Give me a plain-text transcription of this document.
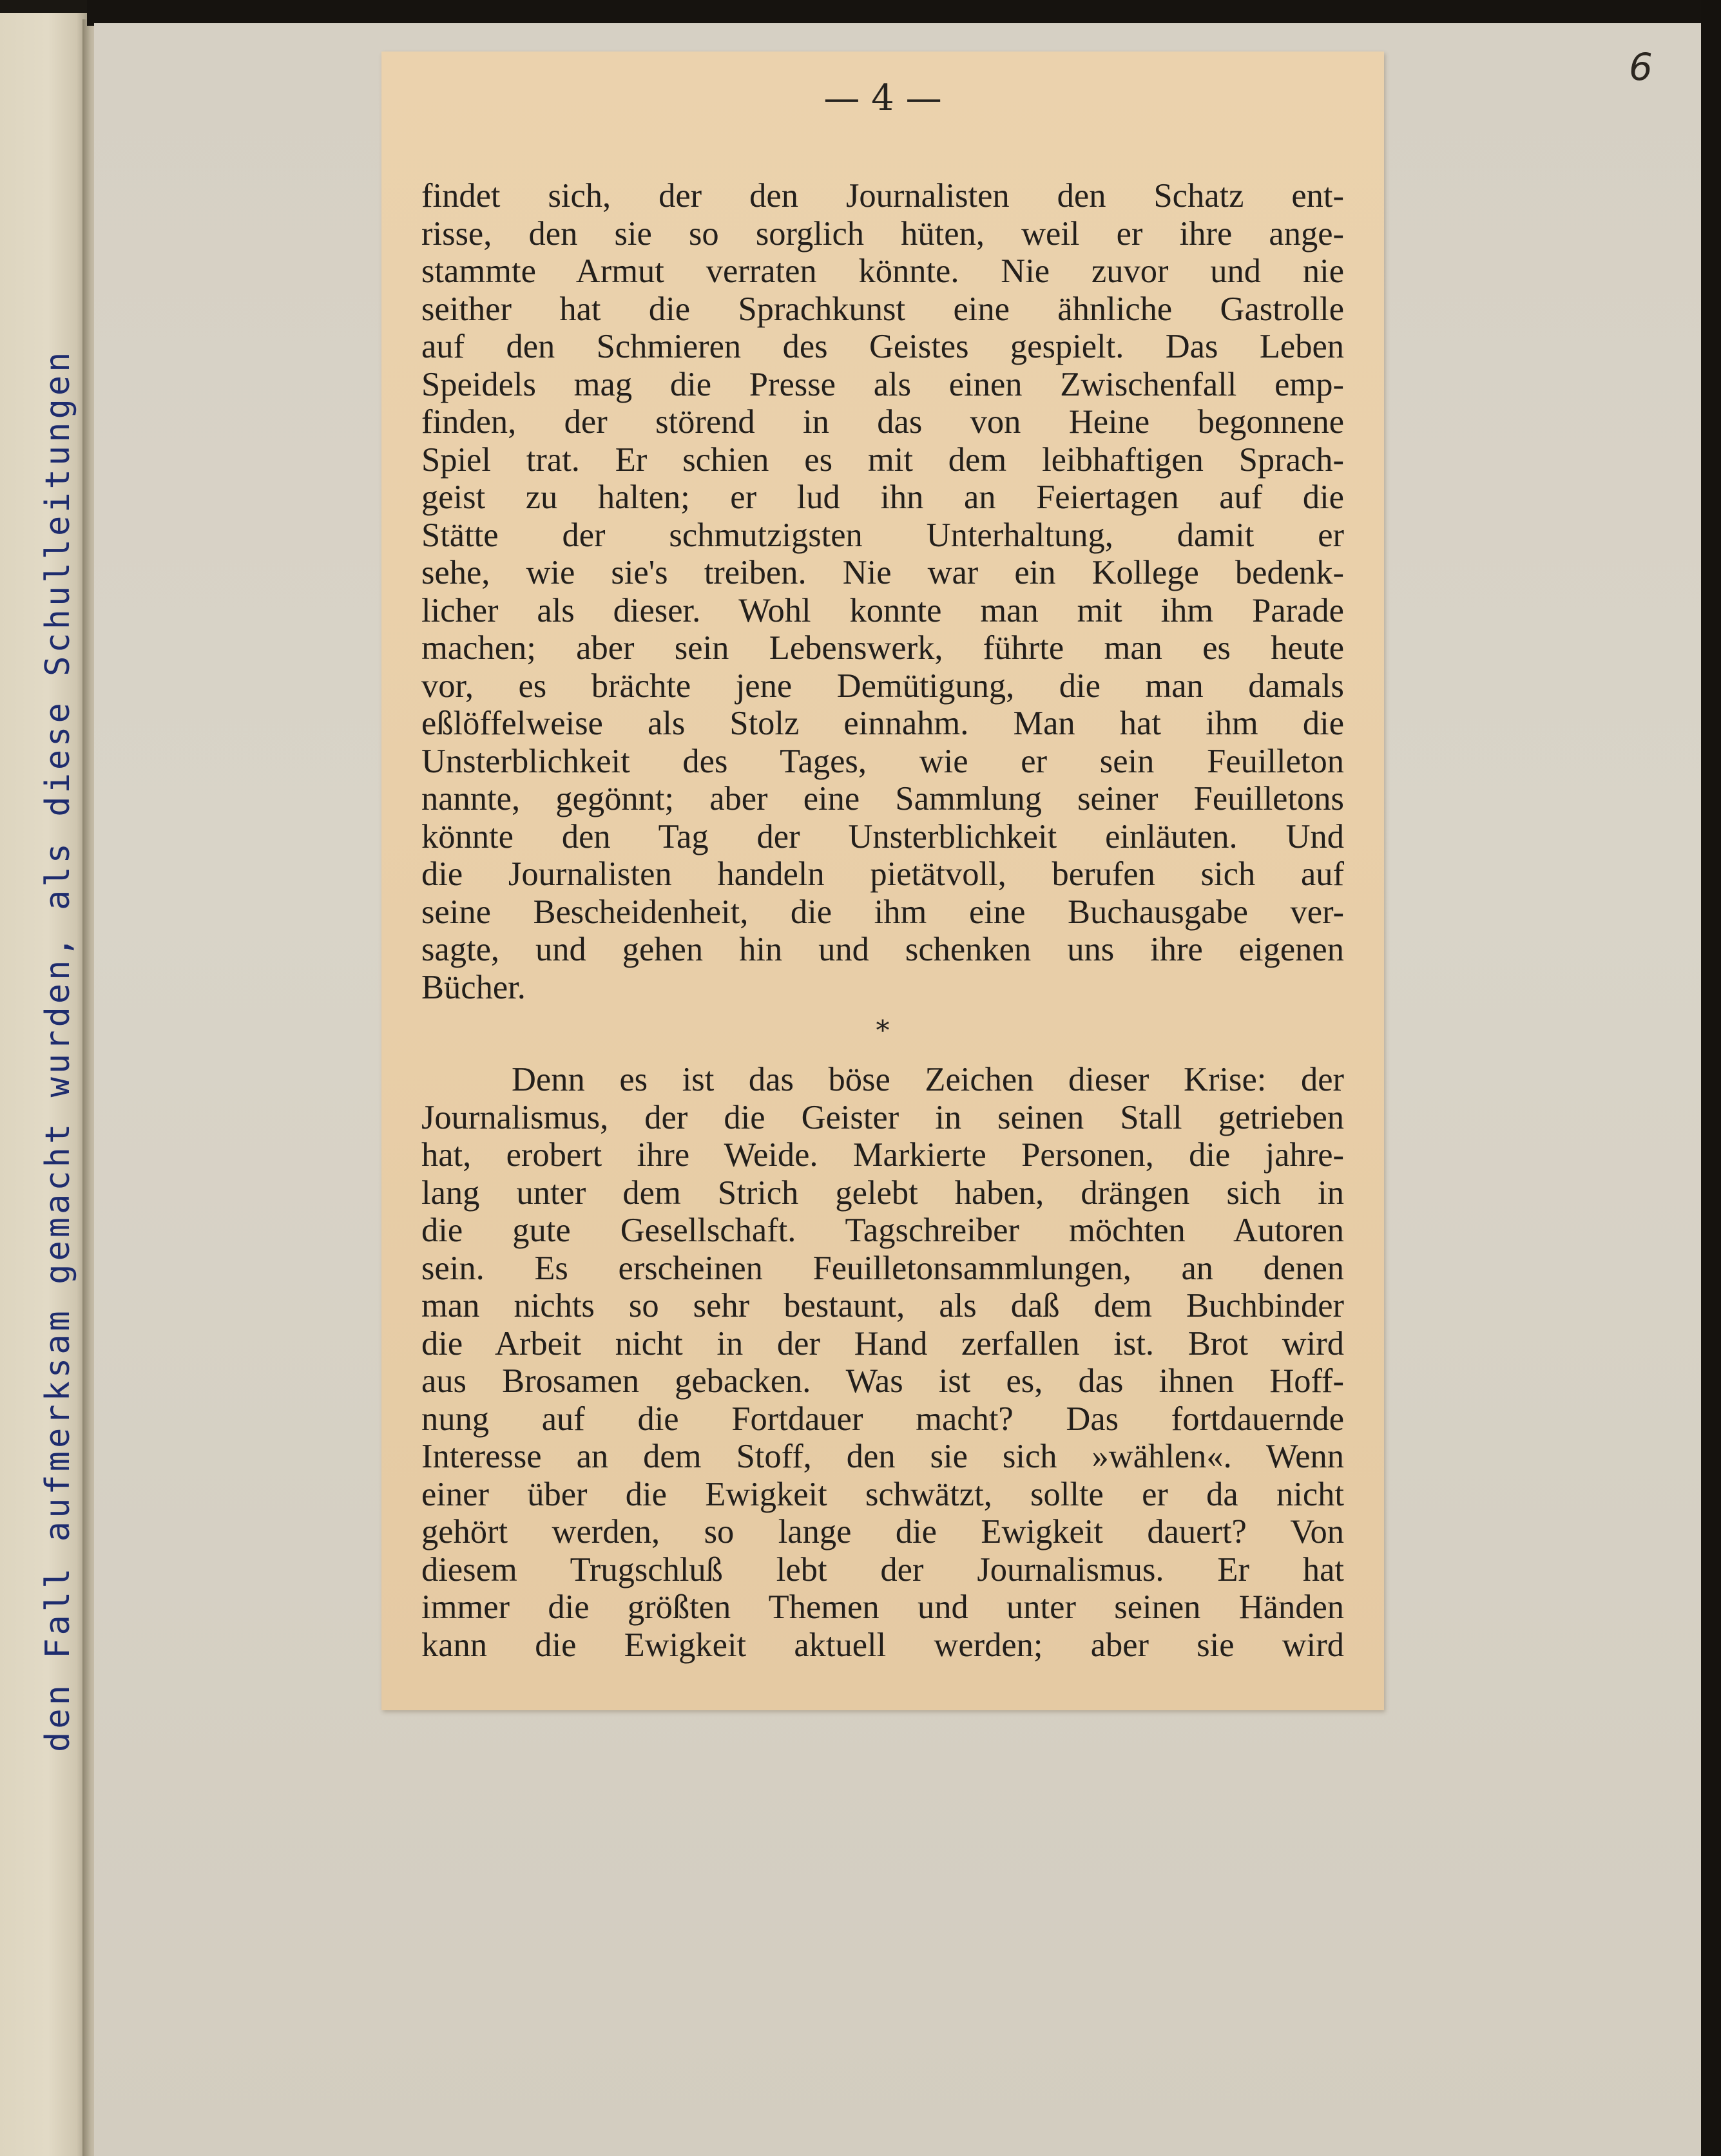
den Fall aufmerksam gemacht wurden, als diese Schulleitungen
6
— 4 —
findet sich, der den Journalisten den Schatz ent-
risse, den sie so sorglich hüten, weil er ihre ange-
stammte Armut verraten könnte. Nie zuvor und nie
seither hat die Sprachkunst eine ähnliche Gastrolle
auf den Schmieren des Geistes gespielt. Das Leben
Speidels mag die Presse als einen Zwischenfall emp-
finden, der störend in das von Heine begonnene
Spiel trat. Er schien es mit dem leibhaftigen Sprach-
geist zu halten; er lud ihn an Feiertagen auf die
Stätte der schmutzigsten Unterhaltung, damit er
sehe, wie sie's treiben. Nie war ein Kollege bedenk-
licher als dieser. Wohl konnte man mit ihm Parade
machen; aber sein Lebenswerk, führte man es heute
vor, es brächte jene Demütigung, die man damals
eßlöffelweise als Stolz einnahm. Man hat ihm die
Unsterblichkeit des Tages, wie er sein Feuilleton
nannte, gegönnt; aber eine Sammlung seiner Feuilletons
könnte den Tag der Unsterblichkeit einläuten. Und
die Journalisten handeln pietätvoll, berufen sich auf
seine Bescheidenheit, die ihm eine Buchausgabe ver-
sagte, und gehen hin und schenken uns ihre eigenen
Bücher.
*
Denn es ist das böse Zeichen dieser Krise: der
Journalismus, der die Geister in seinen Stall getrieben
hat, erobert ihre Weide. Markierte Personen, die jahre-
lang unter dem Strich gelebt haben, drängen sich in
die gute Gesellschaft. Tagschreiber möchten Autoren
sein. Es erscheinen Feuilletonsammlungen, an denen
man nichts so sehr bestaunt, als daß dem Buchbinder
die Arbeit nicht in der Hand zerfallen ist. Brot wird
aus Brosamen gebacken. Was ist es, das ihnen Hoff-
nung auf die Fortdauer macht? Das fortdauernde
Interesse an dem Stoff, den sie sich »wählen«. Wenn
einer über die Ewigkeit schwätzt, sollte er da nicht
gehört werden, so lange die Ewigkeit dauert? Von
diesem Trugschluß lebt der Journalismus. Er hat
immer die größten Themen und unter seinen Händen
kann die Ewigkeit aktuell werden; aber sie wird
